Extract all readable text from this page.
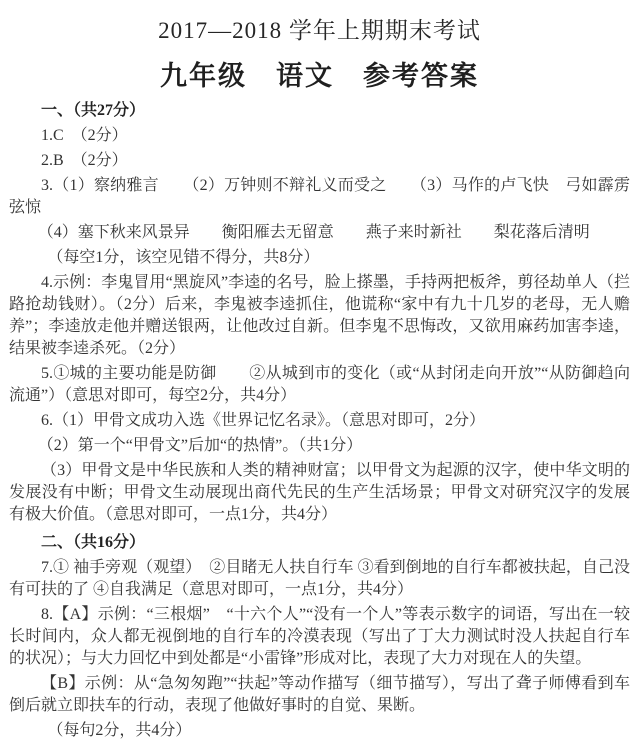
2017—2018 学年上期期末考试
九年级　语文　参考答案

一、（共27分）

1.C　（2分）

2.B　（2分）

3.（1）察纳雅言　　（2）万钟则不辩礼义而受之　　（3）马作的卢飞快　弓如霹雳弦惊

（4）塞下秋来风景异　　衡阳雁去无留意　　燕子来时新社　　梨花落后清明

（每空1分，该空见错不得分，共8分）

4.示例：李鬼冒用“黑旋风”李逵的名号，脸上搽墨，手持两把板斧，剪径劫单人（拦路抢劫钱财）。（2分）后来，李鬼被李逵抓住，他谎称“家中有九十几岁的老母，无人赡养”；李逵放走他并赠送银两，让他改过自新。但李鬼不思悔改，又欲用麻药加害李逵，结果被李逵杀死。（2分）

5.①城的主要功能是防御　　②从城到市的变化（或“从封闭走向开放”“从防御趋向流通”）（意思对即可，每空2分，共4分）

6.（1）甲骨文成功入选《世界记忆名录》。（意思对即可，2分）

（2）第一个“甲骨文”后加“的热情”。（共1分）

（3）甲骨文是中华民族和人类的精神财富；以甲骨文为起源的汉字，使中华文明的发展没有中断；甲骨文生动展现出商代先民的生产生活场景；甲骨文对研究汉字的发展有极大价值。（意思对即可，一点1分，共4分）

二、（共16分）

7.① 袖手旁观（观望）　②目睹无人扶自行车 ③看到倒地的自行车都被扶起，自己没有可扶的了 ④自我满足（意思对即可，一点1分，共4分）

8.【A】示例：“三根烟”　“十六个人”“没有一个人”等表示数字的词语，写出在一较长时间内，众人都无视倒地的自行车的冷漠表现（写出了丁大力测试时没人扶起自行车的状况）；与大力回忆中到处都是“小雷锋”形成对比，表现了大力对现在人的失望。

【B】示例：从“急匆匆跑”“扶起”等动作描写（细节描写），写出了聋子师傅看到车倒后就立即扶车的行动，表现了他做好事时的自觉、果断。

（每句2分，共4分）
